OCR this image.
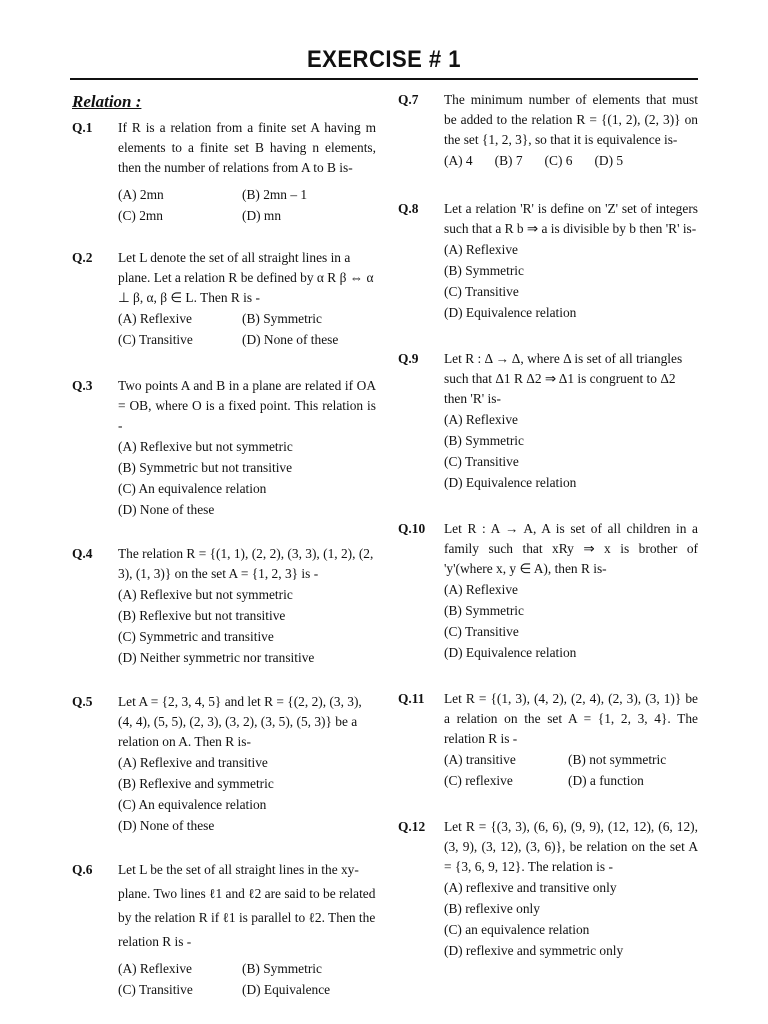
EXERCISE # 1
Relation :
Q.1 If R is a relation from a finite set A having m elements to a finite set B having n elements, then the number of relations from A to B is-
(A) 2mn	(B) 2mn – 1
(C) 2mn	(D) mn
Q.2 Let L denote the set of all straight lines in a plane. Let a relation R be defined by α R β ⇔ α ⊥ β, α, β ∈ L. Then R is -
(A) Reflexive	(B) Symmetric
(C) Transitive	(D) None of these
Q.3 Two points A and B in a plane are related if OA = OB, where O is a fixed point. This relation is -
(A) Reflexive but not symmetric
(B) Symmetric but not transitive
(C) An equivalence relation
(D) None of these
Q.4 The relation R = {(1, 1), (2, 2), (3, 3), (1, 2), (2, 3), (1, 3)} on the set A = {1, 2, 3} is -
(A) Reflexive but not symmetric
(B) Reflexive but not transitive
(C) Symmetric and transitive
(D) Neither symmetric nor transitive
Q.5 Let A = {2, 3, 4, 5} and let R = {(2, 2), (3, 3), (4, 4), (5, 5), (2, 3), (3, 2), (3, 5), (5, 3)} be a relation on A. Then R is-
(A) Reflexive and transitive
(B) Reflexive and symmetric
(C) An equivalence relation
(D) None of these
Q.6 Let L be the set of all straight lines in the xy-plane. Two lines ℓ1 and ℓ2 are said to be related by the relation R if ℓ1 is parallel to ℓ2. Then the relation R is -
(A) Reflexive	(B) Symmetric
(C) Transitive	(D) Equivalence
Q.7 The minimum number of elements that must be added to the relation R = {(1, 2), (2, 3)} on the set {1, 2, 3}, so that it is equivalence is-
(A) 4 (B) 7 (C) 6 (D) 5
Q.8 Let a relation 'R' is define on 'Z' set of integers such that a R b ⇒ a is divisible by b then 'R' is-
(A) Reflexive
(B) Symmetric
(C) Transitive
(D) Equivalence relation
Q.9 Let R : Δ → Δ, where Δ is set of all triangles such that Δ1 R Δ2 ⇒ Δ1 is congruent to Δ2 then 'R' is-
(A) Reflexive
(B) Symmetric
(C) Transitive
(D) Equivalence relation
Q.10 Let R : A → A, A is set of all children in a family such that xRy ⇒ x is brother of 'y'(where x, y ∈ A), then R is-
(A) Reflexive
(B) Symmetric
(C) Transitive
(D) Equivalence relation
Q.11 Let R = {(1, 3), (4, 2), (2, 4), (2, 3), (3, 1)} be a relation on the set A = {1, 2, 3, 4}. The relation R is -
(A) transitive	(B) not symmetric
(C) reflexive	(D) a function
Q.12 Let R = {(3, 3), (6, 6), (9, 9), (12, 12), (6, 12), (3, 9), (3, 12), (3, 6)}, be relation on the set A = {3, 6, 9, 12}. The relation is -
(A) reflexive and transitive only
(B) reflexive only
(C) an equivalence relation
(D) reflexive and symmetric only
